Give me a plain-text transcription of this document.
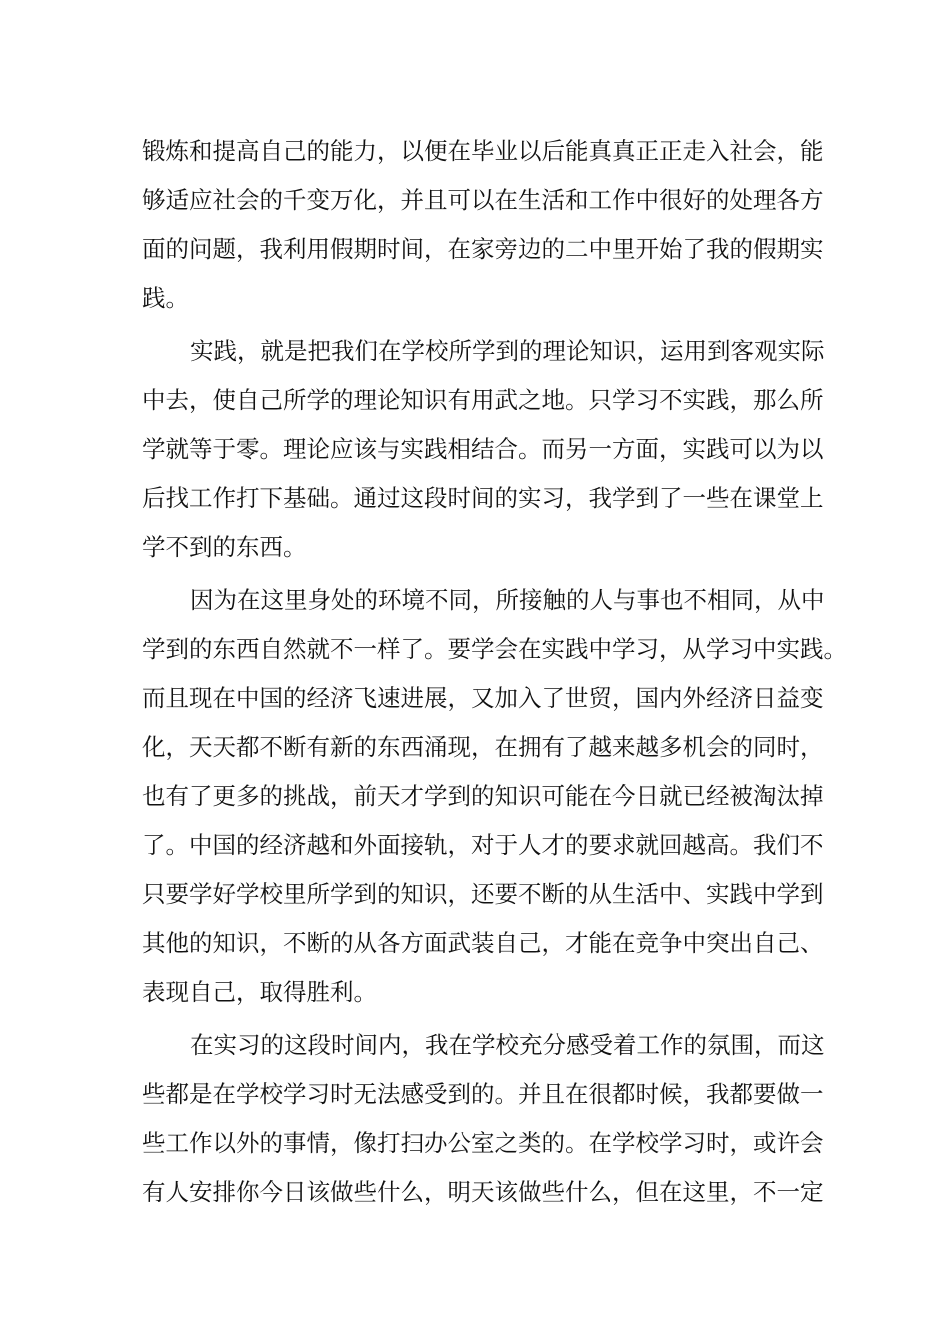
锻炼和提高自己的能力，以便在毕业以后能真真正正走入社会，能
够适应社会的千变万化，并且可以在生活和工作中很好的处理各方
面的问题，我利用假期时间，在家旁边的二中里开始了我的假期实
践。
实践，就是把我们在学校所学到的理论知识，运用到客观实际
中去，使自己所学的理论知识有用武之地。只学习不实践，那么所
学就等于零。理论应该与实践相结合。而另一方面，实践可以为以
后找工作打下基础。通过这段时间的实习，我学到了一些在课堂上
学不到的东西。
因为在这里身处的环境不同，所接触的人与事也不相同，从中
学到的东西自然就不一样了。要学会在实践中学习，从学习中实践。
而且现在中国的经济飞速进展，又加入了世贸，国内外经济日益变
化，天天都不断有新的东西涌现，在拥有了越来越多机会的同时，
也有了更多的挑战，前天才学到的知识可能在今日就已经被淘汰掉
了。中国的经济越和外面接轨，对于人才的要求就回越高。我们不
只要学好学校里所学到的知识，还要不断的从生活中、实践中学到
其他的知识，不断的从各方面武装自己，才能在竞争中突出自己、
表现自己，取得胜利。
在实习的这段时间内，我在学校充分感受着工作的氛围，而这
些都是在学校学习时无法感受到的。并且在很都时候，我都要做一
些工作以外的事情，像打扫办公室之类的。在学校学习时，或许会
有人安排你今日该做些什么，明天该做些什么，但在这里，不一定
